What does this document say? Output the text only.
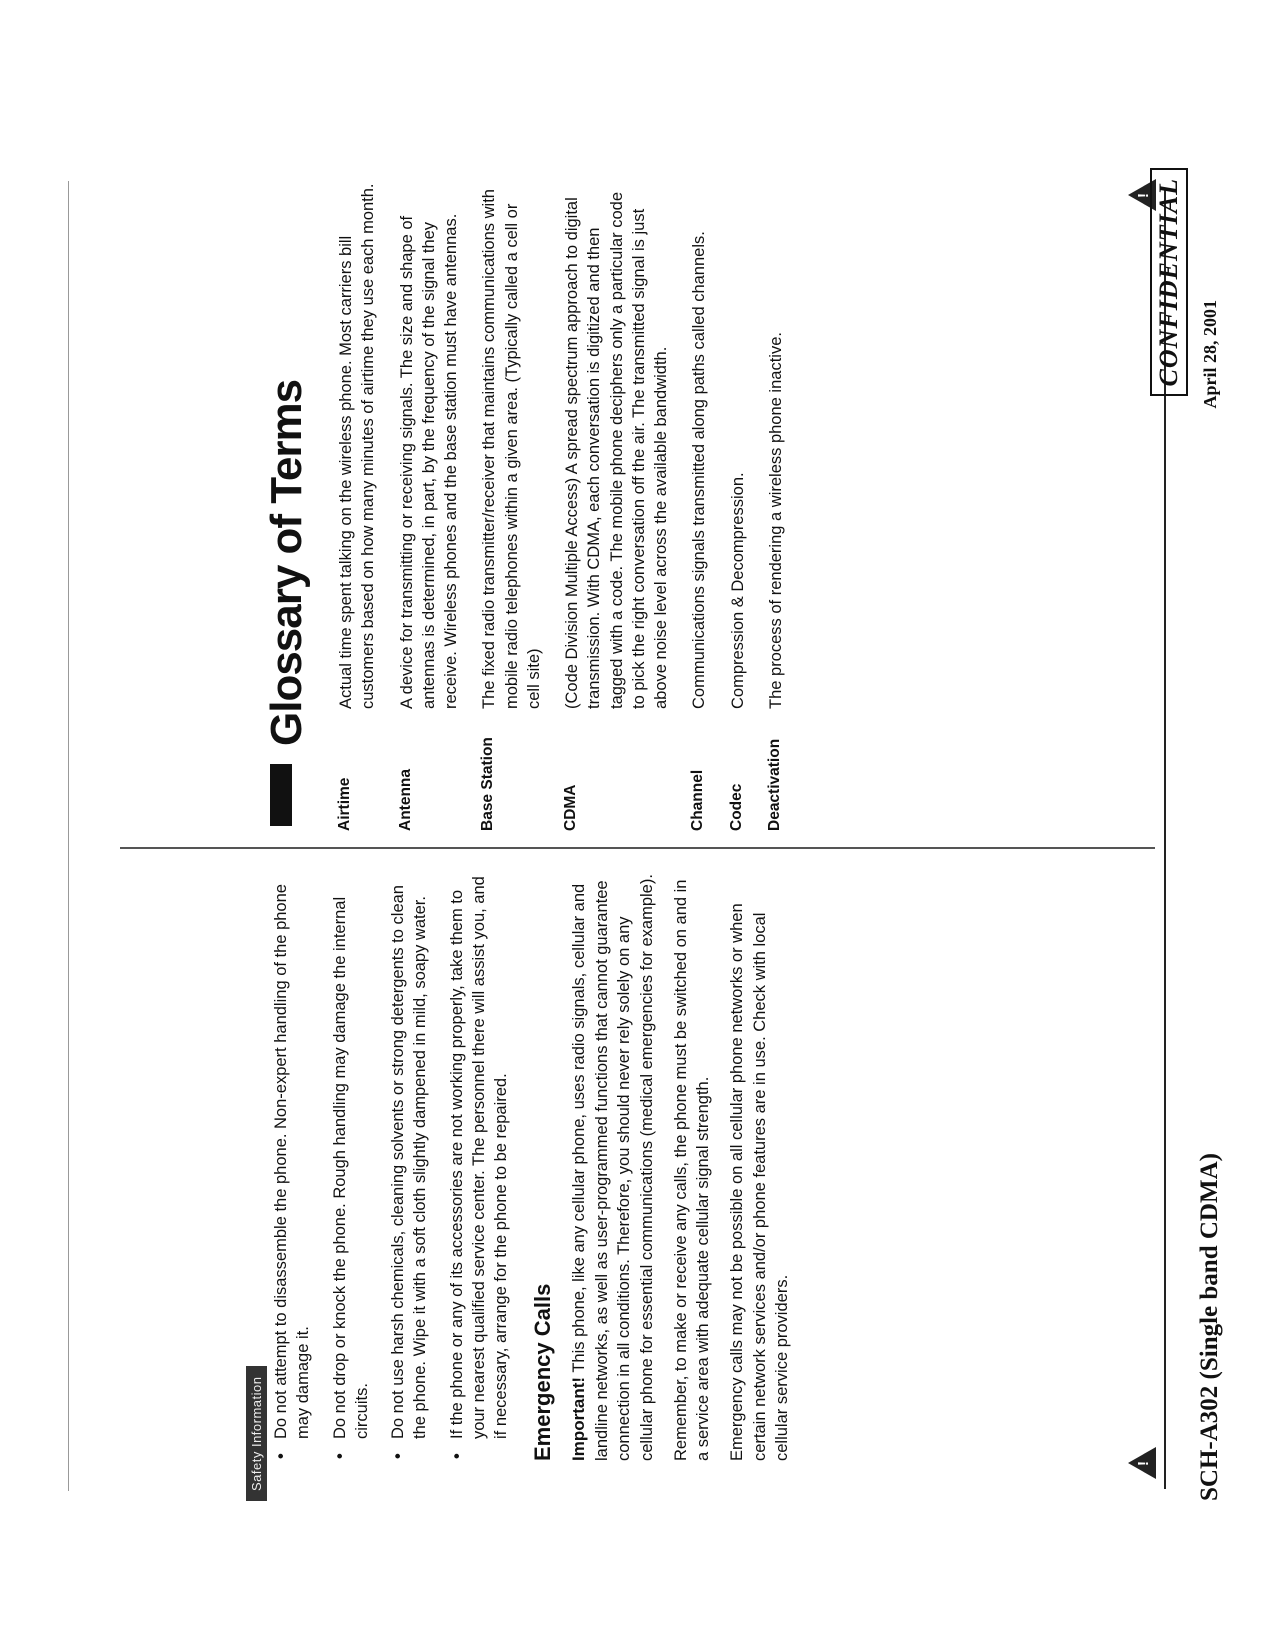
Safety Information • Do not attempt to disassemble the phone. Non-expert handling of the phone may damage it. • Do not drop or knock the phone. Rough handling may damage the internal circuits. • Do not use harsh chemicals, cleaning solvents or strong detergents to clean the phone. Wipe it with a soft cloth slightly dampened in mild, soapy water. • If the phone or any of its accessories are not working properly, take them to your nearest qualified service center. The personnel there will assist you, and if necessary, arrange for the phone to be repaired. Emergency Calls Important! This phone, like any cellular phone, uses radio signals, cellular and landline networks, as well as user-programmed functions that cannot guarantee connection in all conditions. Therefore, you should never rely solely on any cellular phone for essential communications (medical emergencies for example). Remember, to make or receive any calls, the phone must be switched on and in a service area with adequate cellular signal strength. Emergency calls may not be possible on all cellular phone networks or when certain network services and/or phone features are in use. Check with local cellular service providers.

Glossary of Terms
Airtime
Actual time spent talking on the wireless phone. Most carriers bill customers based on how many minutes of airtime they use each month.
Antenna
A device for transmitting or receiving signals. The size and shape of antennas is determined, in part, by the frequency of the signal they receive. Wireless phones and the base station must have antennas.
Base Station
The fixed radio transmitter/receiver that maintains communications with mobile radio telephones within a given area. (Typically called a cell or cell site)
CDMA
(Code Division Multiple Access) A spread spectrum approach to digital transmission. With CDMA, each conversation is digitized and then tagged with a code. The mobile phone deciphers only a particular code to pick the right conversation off the air. The transmitted signal is just above noise level across the available bandwidth.
Channel
Communications signals transmitted along paths called channels.
Codec
Compression & Decompression.
Deactivation
The process of rendering a wireless phone inactive.
!
!
SCH-A302 (Single band CDMA)
April 28, 2001
CONFIDENTIAL
